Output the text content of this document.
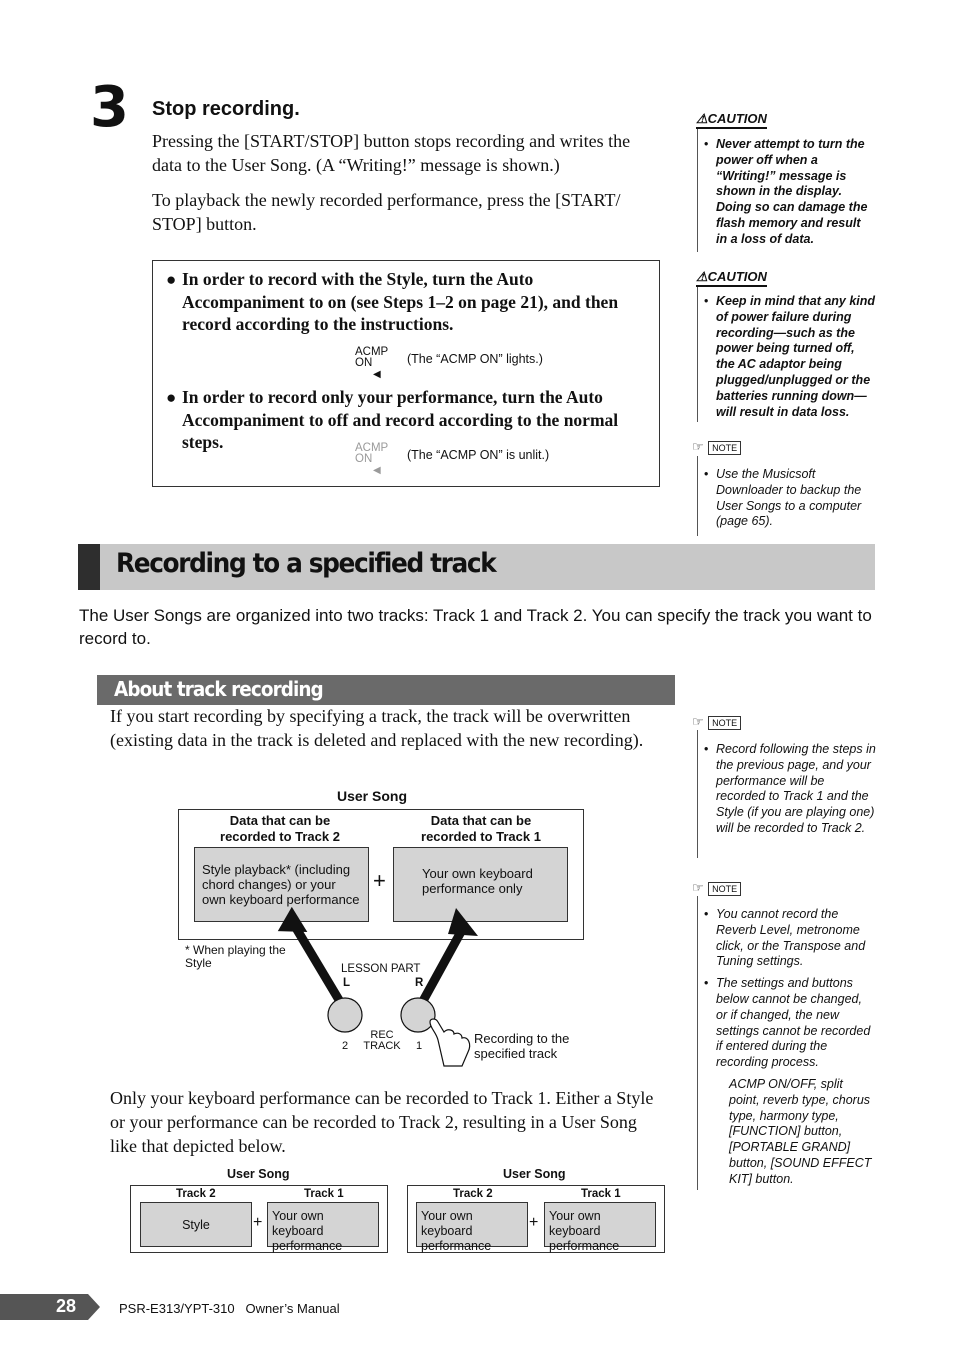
3 Stop recording.
Pressing the [START/STOP] button stops recording and writes the data to the User Song. (A “Writing!” message is shown.)
To playback the newly recorded performance, press the [START/ STOP] button.
● In order to record with the Style, turn the Auto Accompaniment to on (see Steps 1–2 on page 21), and then record according to the instructions.
ACMP ON
◀
(The “ACMP ON” lights.)
● In order to record only your performance, turn the Auto Accompaniment to off and record according to the normal steps.	ACMP ON
◀
(The “ACMP ON” is unlit.)
⚠CAUTION
• Never attempt to turn the power off when a “Writing!” message is shown in the display. Doing so can damage the flash memory and result in a loss of data.
⚠CAUTION
• Keep in mind that any kind of power failure during recording—such as the power being turned off, the AC adaptor being plugged/unplugged or the batteries running down—will result in data loss.
☞ NOTE
• Use the Musicsoft Downloader to backup the User Songs to a computer (page 65).
Recording to a specified track
The User Songs are organized into two tracks: Track 1 and Track 2. You can specify the track you want to record to.
About track recording
If you start recording by specifying a track, the track will be overwritten (existing data in the track is deleted and replaced with the new recording).
User Song
Data that can be recorded to Track 2
Data that can be recorded to Track 1
Style playback* (including chord changes) or your own keyboard performance
+	Your own keyboard performance only
* When playing the Style	LESSON PART
L	R
REC TRACK
2	1	Recording to the specified track
Only your keyboard performance can be recorded to Track 1. Either a Style or your performance can be recorded to Track 2, resulting in a User Song like that depicted below.
User Song
Track 2	Track 1
Style	+ Your own keyboard performance
User Song
Track 2	Track 1
Your own keyboard performance
+ Your own keyboard performance
☞ NOTE
• Record following the steps in the previous page, and your performance will be recorded to Track 1 and the Style (if you are playing one) will be recorded to Track 2.
☞ NOTE
• You cannot record the Reverb Level, metronome click, or the Transpose and Tuning settings.
• The settings and buttons below cannot be changed, or if changed, the new settings cannot be recorded if entered during the recording process.
ACMP ON/OFF, split point, reverb type, chorus type, harmony type, [FUNCTION] button, [PORTABLE GRAND] button, [SOUND EFFECT KIT] button.
28	PSR-E313/YPT-310   Owner’s Manual
